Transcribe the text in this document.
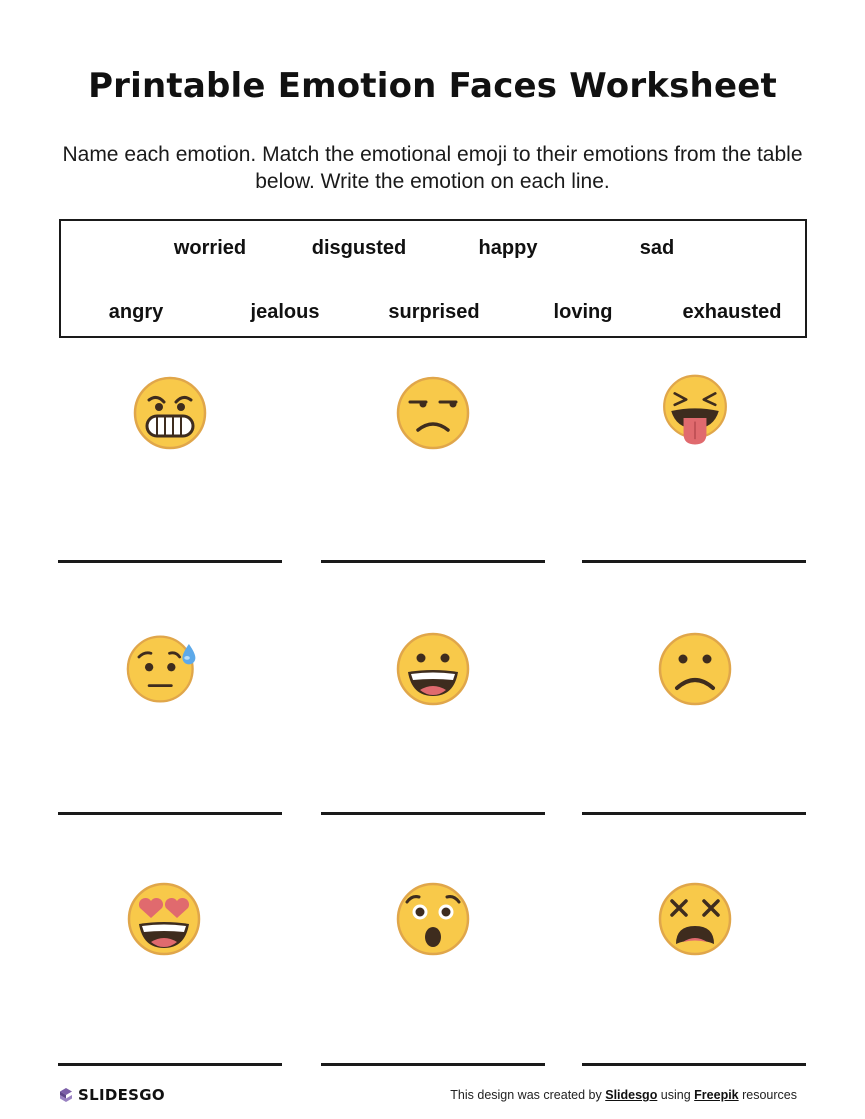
Printable Emotion Faces Worksheet
Name each emotion. Match the emotional emoji to their emotions from the table below. Write the emotion on each line.
worried	disgusted	happy	sad
angry	jealous	surprised	loving	exhausted
SLIDESGO	This design was created by Slidesgo using Freepik resources
